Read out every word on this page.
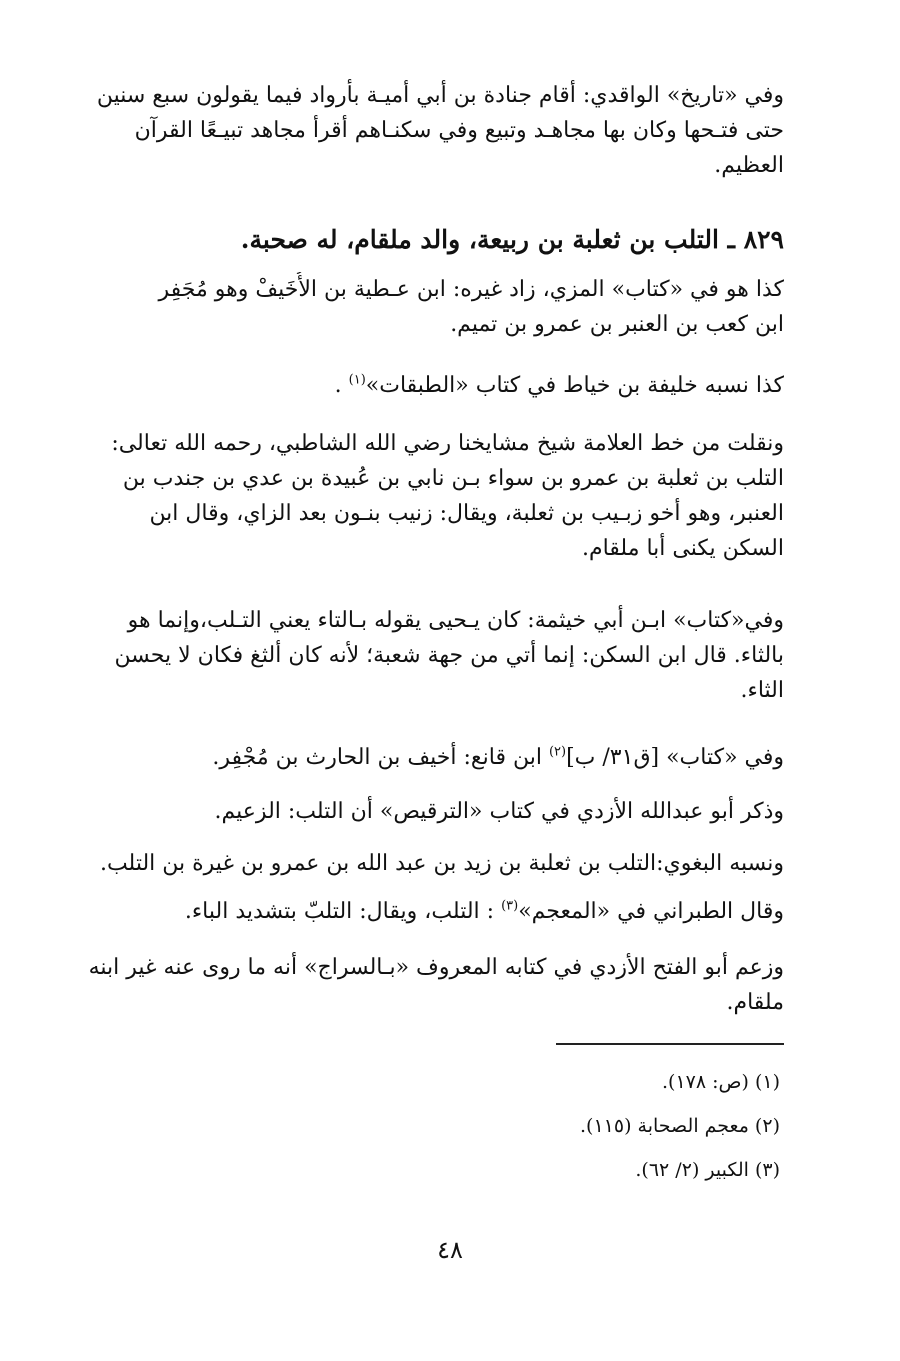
وفي «تاريخ» الواقدي: أقام جنادة بن أبي أميـة بأرواد فيما يقولون سبع سنين
حتى فتـحها وكان بها مجاهـد وتبيع وفي سكنـاهم أقرأ مجاهد تبيـعًا القرآن
العظيم.
٨٢٩ ـ التلب بن ثعلبة بن ربيعة، والد ملقام، له صحبة.
كذا هو في «كتاب» المزي، زاد غيره: ابن عـطية بن الأُخَيفْ وهو مُجَفِر
ابن كعب بن العنبر بن عمرو بن تميم.
كذا نسبه خليفة بن خياط في كتاب «الطبقات»$^{(١)}$ .
ونقلت من خط العلامة شيخ مشايخنا رضي الله الشاطبي، رحمه الله تعالى:
التلب بن ثعلبة بن عمرو بن سواء بـن نابي بن عُبيدة بن عدي بن جندب بن
العنبر، وهو أخو زبـيب بن ثعلبة، ويقال: زنيب بنـون بعد الزاي، وقال ابن
السكن يكنى أبا ملقام.
وفي«كتاب» ابـن أبي خيثمة: كان يـحيى يقوله بـالتاء يعني التـلب،وإنما هو
بالثاء. قال ابن السكن: إنما أتي من جهة شعبة؛ لأنه كان ألثغ فكان لا يحسن
الثاء.
وفي «كتاب» [ق٣١/ ب]$^{(٢)}$ ابن قانع: أخيف بن الحارث بن مُجْفِر.
وذكر أبو عبدالله الأزدي في كتاب «الترقيص» أن التلب: الزعيم.
ونسبه البغوي:التلب بن ثعلبة بن زيد بن عبد الله بن عمرو بن غيرة بن التلب.
وقال الطبراني في «المعجم»$^{(٣)}$ : التلب، ويقال: التلبّ بتشديد الباء.
وزعم أبو الفتح الأزدي في كتابه المعروف «بـالسراج» أنه ما روى عنه غير ابنه
ملقام.
(١) (ص: ١٧٨).
(٢) معجم الصحابة (١١٥).
(٣) الكبير (٢/ ٦٢).
٤٨
